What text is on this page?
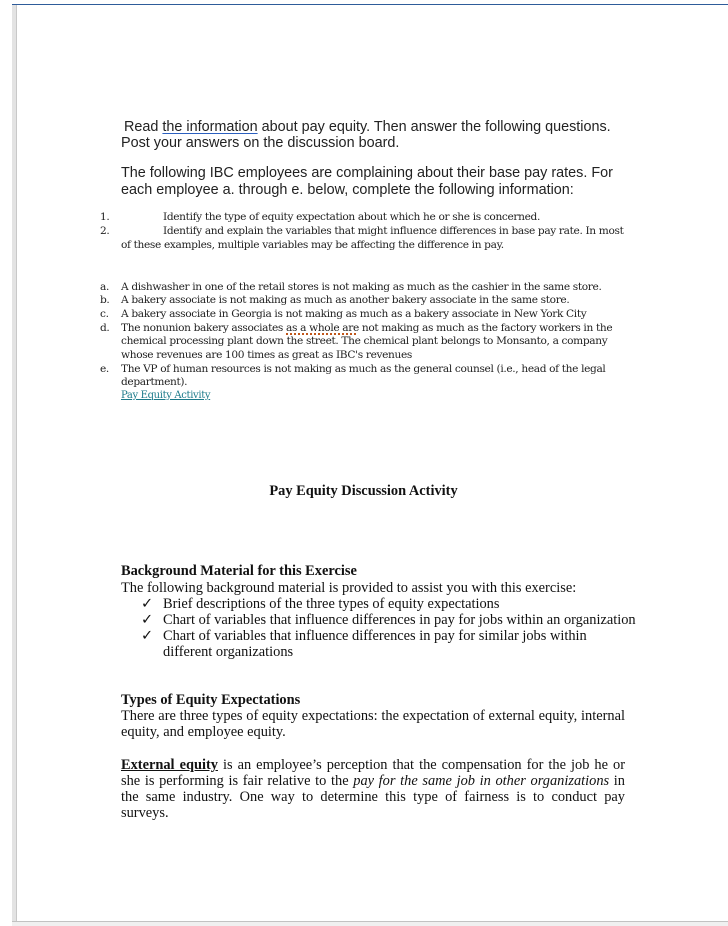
Read the information about pay equity. Then answer the following questions.
Post your answers on the discussion board.
The following IBC employees are complaining about their base pay rates. For
each employee a. through e. below, complete the following information:
1.	Identify the type of equity expectation about which he or she is concerned.
2.	Identify and explain the variables that might influence differences in base pay rate. In most
of these examples, multiple variables may be affecting the difference in pay.
a. A dishwasher in one of the retail stores is not making as much as the cashier in the same store.
b. A bakery associate is not making as much as another bakery associate in the same store.
c. A bakery associate in Georgia is not making as much as a bakery associate in New York City
d. The nonunion bakery associates as a whole are not making as much as the factory workers in the
chemical processing plant down the street. The chemical plant belongs to Monsanto, a company
whose revenues are 100 times as great as IBC's revenues
e. The VP of human resources is not making as much as the general counsel (i.e., head of the legal
department).
Pay Equity Activity
Pay Equity Discussion Activity
Background Material for this Exercise
The following background material is provided to assist you with this exercise:
✓ Brief descriptions of the three types of equity expectations
✓ Chart of variables that influence differences in pay for jobs within an organization
✓ Chart of variables that influence differences in pay for similar jobs within
different organizations
Types of Equity Expectations
There are three types of equity expectations: the expectation of external equity, internal equity, and employee equity.
External equity is an employee’s perception that the compensation for the job he or she is performing is fair relative to the pay for the same job in other organizations in the same industry. One way to determine this type of fairness is to conduct pay surveys.
